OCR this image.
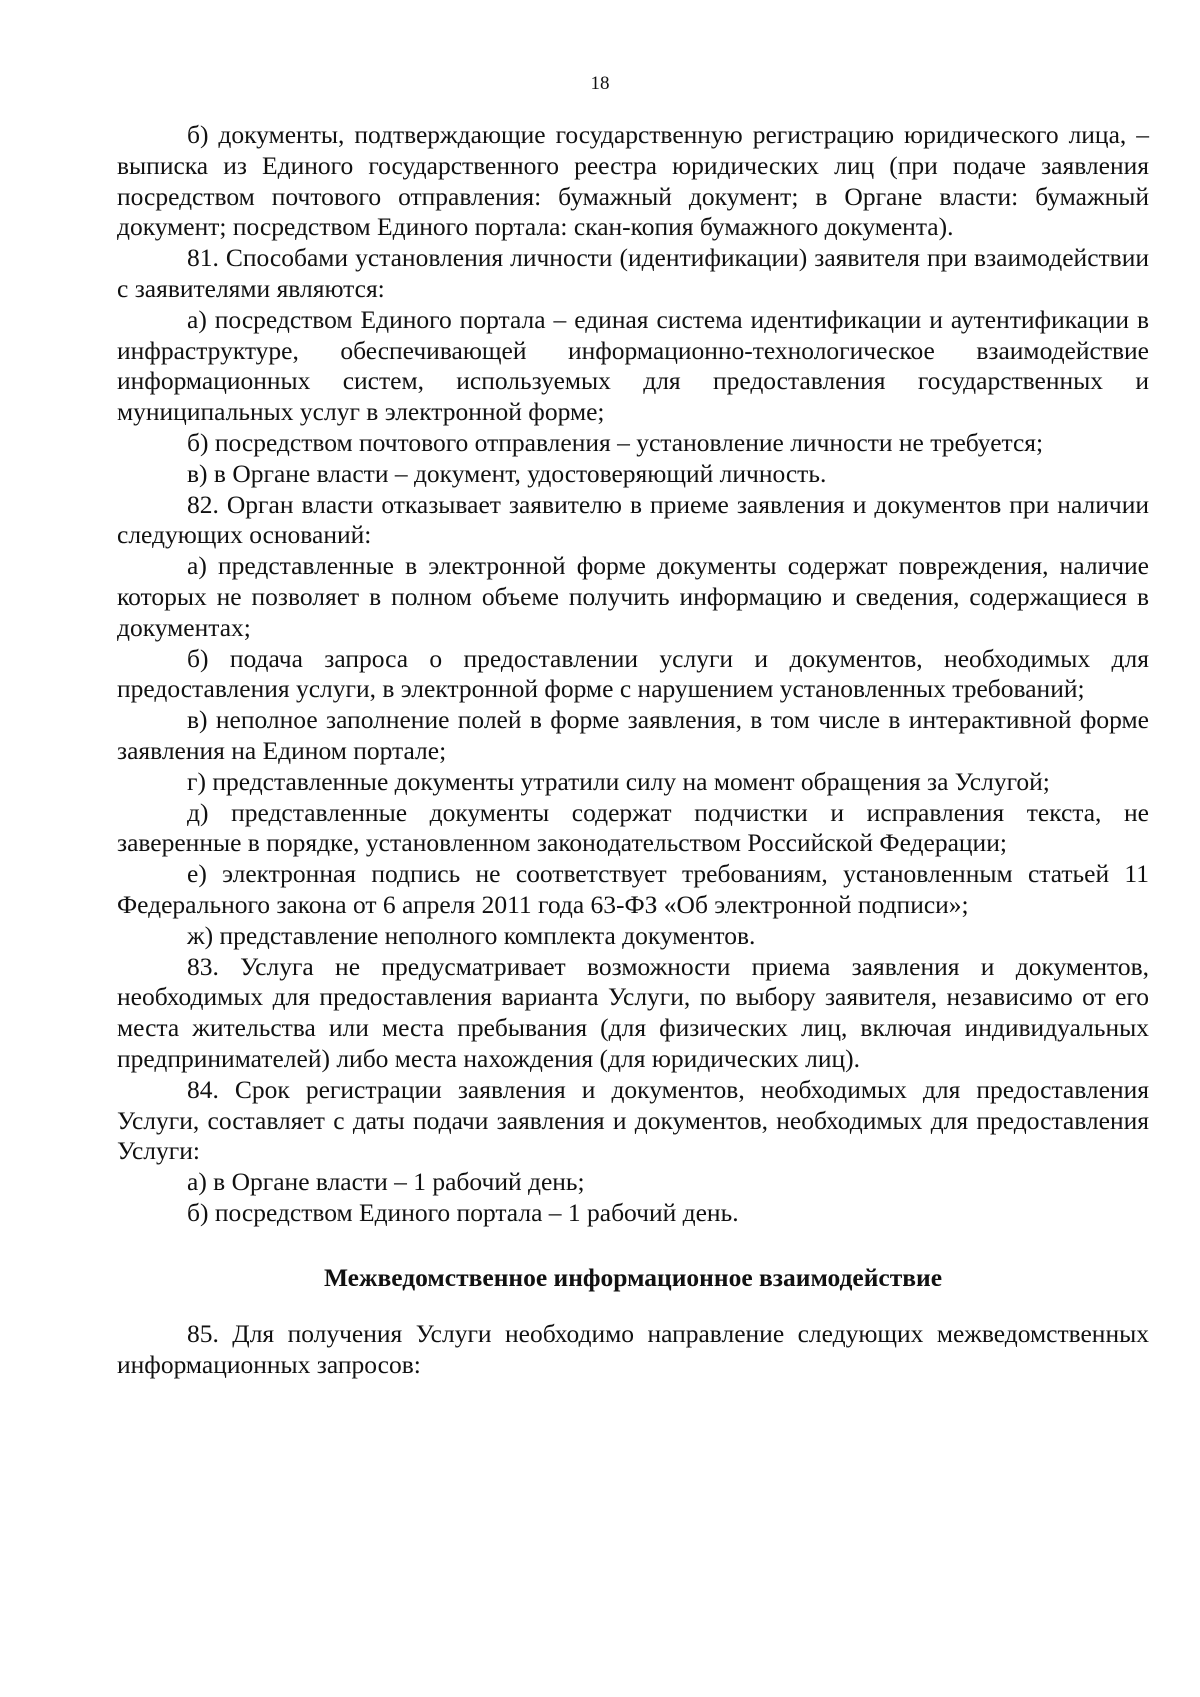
18

б) документы, подтверждающие государственную регистрацию юридического лица, – выписка из Единого государственного реестра юридических лиц (при подаче заявления посредством почтового отправления: бумажный документ; в Органе власти: бумажный документ; посредством Единого портала: скан-копия бумажного документа).

81. Способами установления личности (идентификации) заявителя при взаимодействии с заявителями являются:

а) посредством Единого портала – единая система идентификации и аутентификации в инфраструктуре, обеспечивающей информационно-технологическое взаимодействие информационных систем, используемых для предоставления государственных и муниципальных услуг в электронной форме;

б) посредством почтового отправления – установление личности не требуется;

в) в Органе власти – документ, удостоверяющий личность.

82. Орган власти отказывает заявителю в приеме заявления и документов при наличии следующих оснований:

а) представленные в электронной форме документы содержат повреждения, наличие которых не позволяет в полном объеме получить информацию и сведения, содержащиеся в документах;

б) подача запроса о предоставлении услуги и документов, необходимых для предоставления услуги, в электронной форме с нарушением установленных требований;

в) неполное заполнение полей в форме заявления, в том числе в интерактивной форме заявления на Едином портале;

г) представленные документы утратили силу на момент обращения за Услугой;

д) представленные документы содержат подчистки и исправления текста, не заверенные в порядке, установленном законодательством Российской Федерации;

е) электронная подпись не соответствует требованиям, установленным статьей 11 Федерального закона от 6 апреля 2011 года 63-ФЗ «Об электронной подписи»;

ж) представление неполного комплекта документов.

83. Услуга не предусматривает возможности приема заявления и документов, необходимых для предоставления варианта Услуги, по выбору заявителя, независимо от его места жительства или места пребывания (для физических лиц, включая индивидуальных предпринимателей) либо места нахождения (для юридических лиц).

84. Срок регистрации заявления и документов, необходимых для предоставления Услуги, составляет с даты подачи заявления и документов, необходимых для предоставления Услуги:

а) в Органе власти – 1 рабочий день;

б) посредством Единого портала – 1 рабочий день.

Межведомственное информационное взаимодействие

85. Для получения Услуги необходимо направление следующих межведомственных информационных запросов:
